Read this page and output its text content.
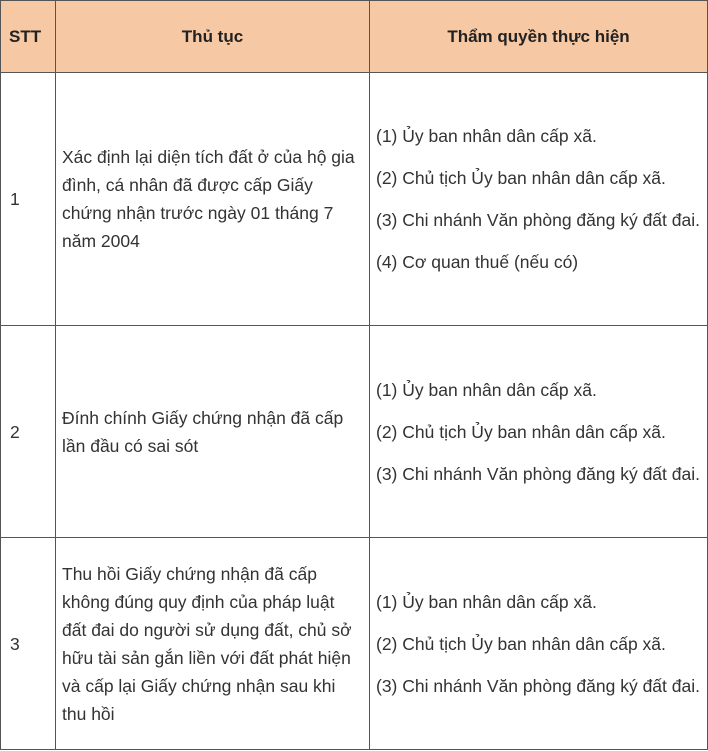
STT	Thủ tục	Thẩm quyền thực hiện
1	Xác định lại diện tích đất ở của hộ gia đình, cá nhân đã được cấp Giấy chứng nhận trước ngày 01 tháng 7 năm 2004	(1) Ủy ban nhân dân cấp xã.

(2) Chủ tịch Ủy ban nhân dân cấp xã.

(3) Chi nhánh Văn phòng đăng ký đất đai.

(4) Cơ quan thuế (nếu có)

2	Đính chính Giấy chứng nhận đã cấp lần đầu có sai sót	(1) Ủy ban nhân dân cấp xã.

(2) Chủ tịch Ủy ban nhân dân cấp xã.

(3) Chi nhánh Văn phòng đăng ký đất đai.

3	Thu hồi Giấy chứng nhận đã cấp không đúng quy định của pháp luật đất đai do người sử dụng đất, chủ sở hữu tài sản gắn liền với đất phát hiện và cấp lại Giấy chứng nhận sau khi thu hồi	(1) Ủy ban nhân dân cấp xã.

(2) Chủ tịch Ủy ban nhân dân cấp xã.

(3) Chi nhánh Văn phòng đăng ký đất đai.
